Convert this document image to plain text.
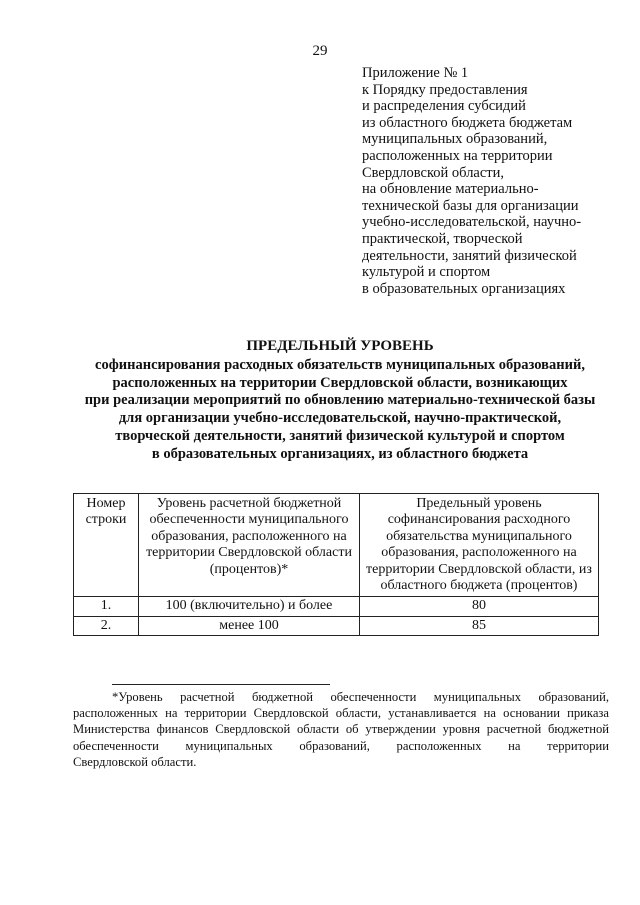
29
Приложение № 1
к Порядку предоставления
и распределения субсидий
из областного бюджета бюджетам
муниципальных образований,
расположенных на территории
Свердловской области,
на обновление материально-
технической базы для организации
учебно-исследовательской, научно-
практической, творческой
деятельности, занятий физической
культурой и спортом
в образовательных организациях
ПРЕДЕЛЬНЫЙ УРОВЕНЬ
софинансирования расходных обязательств муниципальных образований,
расположенных на территории Свердловской области, возникающих
при реализации мероприятий по обновлению материально-технической базы
для организации учебно-исследовательской, научно-практической,
творческой деятельности, занятий физической культурой и спортом
в образовательных организациях, из областного бюджета
Номер строки	Уровень расчетной бюджетной обеспеченности муниципального образования, расположенного на территории Свердловской области (процентов)*	Предельный уровень софинансирования расходного обязательства муниципального образования, расположенного на территории Свердловской области, из областного бюджета (процентов)
1.	100 (включительно) и более	80
2.	менее 100	85
*Уровень расчетной бюджетной обеспеченности муниципальных образований,
расположенных на территории Свердловской области, устанавливается на основании приказа
Министерства финансов Свердловской области об утверждении уровня расчетной бюджетной
обеспеченности муниципальных образований, расположенных на территории
Свердловской области.
